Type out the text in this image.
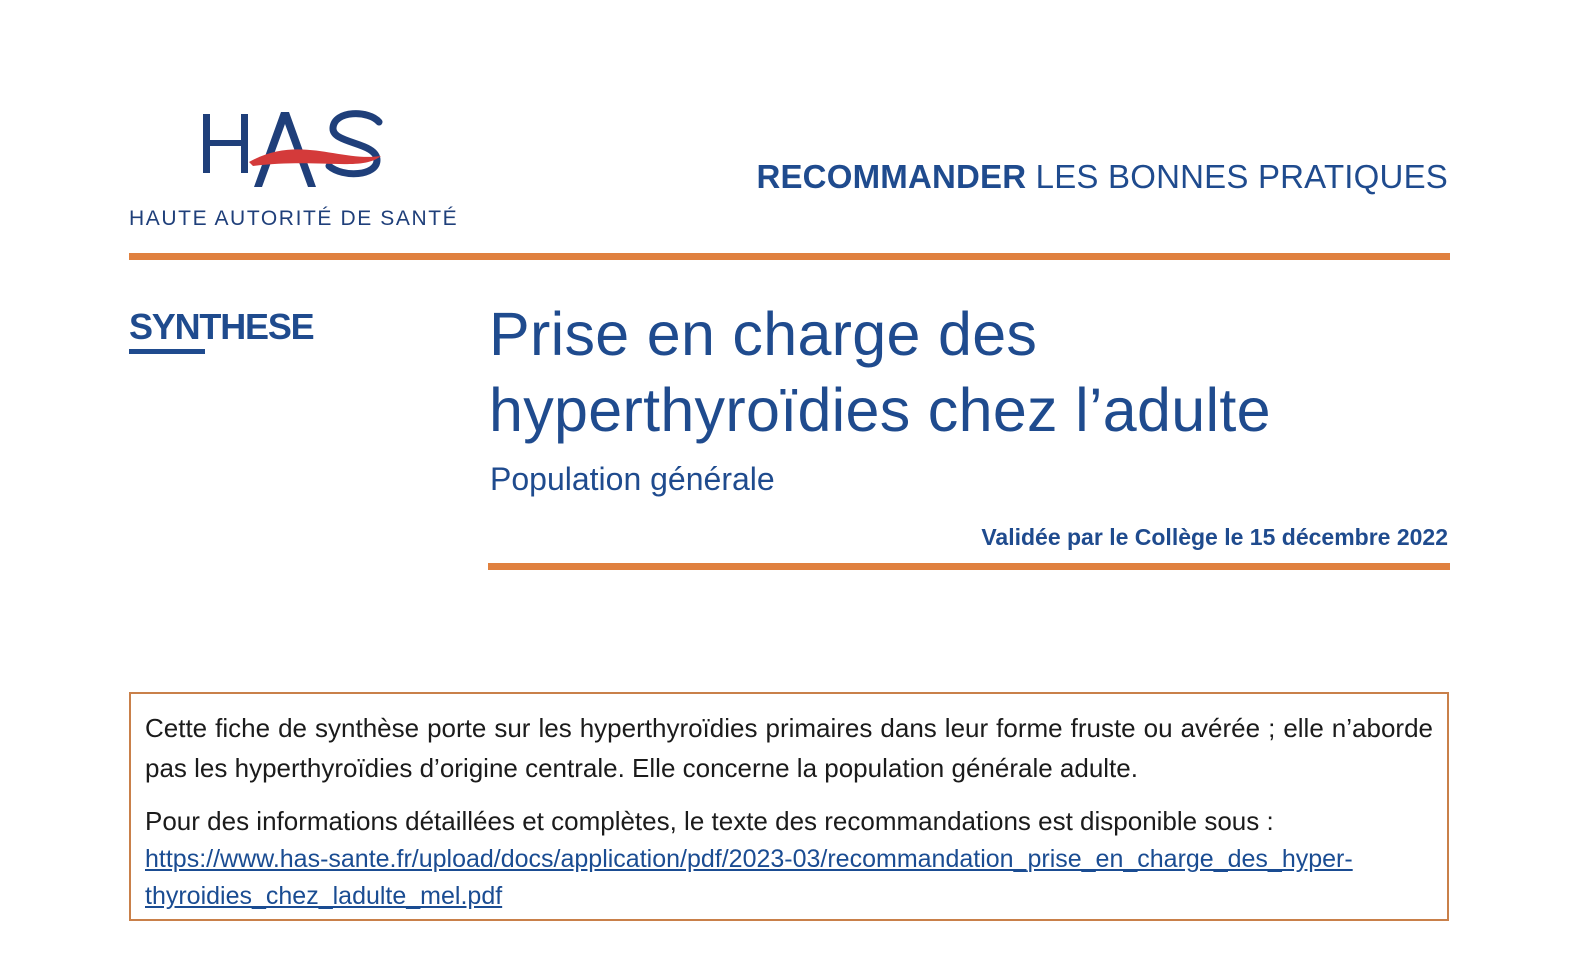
HAUTE AUTORITÉ DE SANTÉ
RECOMMANDER LES BONNES PRATIQUES
SYNTHESE	Prise en charge des
hyperthyroïdies chez l’adulte
Population générale
Validée par le Collège le 15 décembre 2022

Cette fiche de synthèse porte sur les hyperthyroïdies primaires dans leur forme fruste ou avérée ; elle n’aborde pas les hyperthyroïdies d’origine centrale. Elle concerne la population générale adulte.

Pour des informations détaillées et complètes, le texte des recommandations est disponible sous :
https://www.has-sante.fr/upload/docs/application/pdf/2023-03/recommandation_prise_en_charge_des_hyper-
thyroidies_chez_ladulte_mel.pdf
